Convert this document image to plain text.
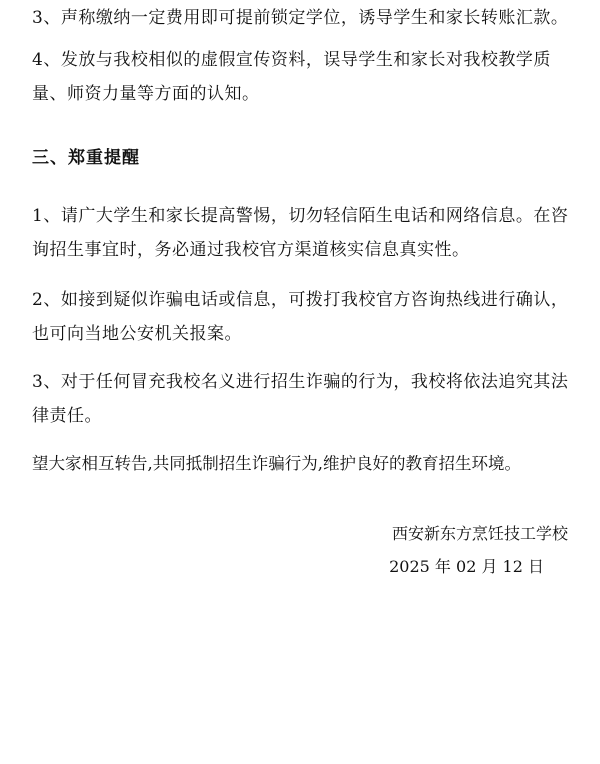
3、声称缴纳一定费用即可提前锁定学位，诱导学生和家长转账汇款。

4、发放与我校相似的虚假宣传资料，误导学生和家长对我校教学质量、师资力量等方面的认知。

三、郑重提醒

1、请广大学生和家长提高警惕，切勿轻信陌生电话和网络信息。在咨询招生事宜时，务必通过我校官方渠道核实信息真实性。

2、如接到疑似诈骗电话或信息，可拨打我校官方咨询热线进行确认，也可向当地公安机关报案。

3、对于任何冒充我校名义进行招生诈骗的行为，我校将依法追究其法律责任。

望大家相互转告,共同抵制招生诈骗行为,维护良好的教育招生环境。

西安新东方烹饪技工学校

2025 年 02 月 12 日
